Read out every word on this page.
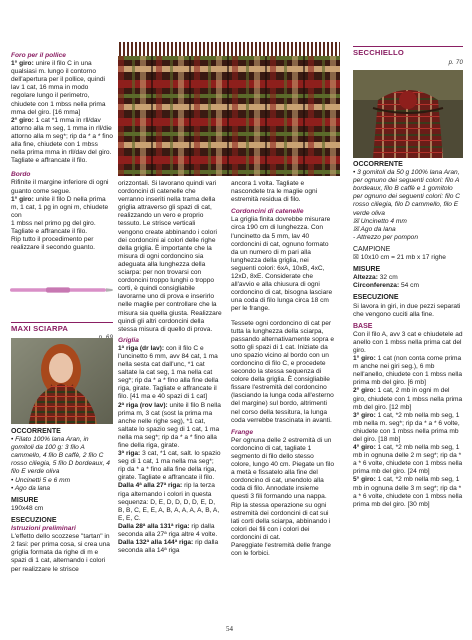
Foro per il pollice

1° giro: unire il filo C in una qualsiasi m. lungo il contorno dell'apertura per il pollice, quindi lav 1 cat, 16 mma in modo regolare lungo il perimetro, chiudete con 1 mbss nella prima mma del giro. [16 mma]

2° giro: 1 cat *1 mma in rll/dav attorno alla m seg, 1 mma in rll/die attorno alla m seg*; rip da * a * fino alla fine, chiudete con 1 mbss nella prima mma in rll/dav del giro. Tagliate e affrancate il filo.

Bordo

Rifinite il margine inferiore di ogni guanto come segue.

1° giro: unite il filo D nella prima m, 1 cat, 1 pg in ogni m, chiudete con

1 mbss nel primo pg del giro. Tagliate e affrancate il filo.

Rip tutto il procedimento per realizzare il secondo guanto.

MAXI SCIARPA

OCCORRENTE

• Filato 100% lana Aran, in gomitoli da 100 g: 3 filo A cammello, 4 filo B caffè, 2 filo C rosso ciliegia, 5 filo D bordeaux, 4 filo E verde oliva

• Uncinetti 5 e 6 mm

• Ago da lana

MISURE

190x48 cm

ESECUZIONE

Istruzioni preliminari

L'effetto dello scozzese "tartan" in 2 fasi: per prima cosa, si crea una griglia formata da righe di m e spazi di 1 cat, alternando i colori per realizzare le strisce

orizzontali. Si lavorano quindi vari cordoncini di catenelle che verranno inseriti nella trama della griglia attraverso gli spazi di cat, realizzando un vero e proprio tessuto. Le strisce verticali vengono create abbinando i colori dei cordoncini ai colori delle righe della griglia. È importante che la misura di ogni cordoncino sia adeguata alla lunghezza della sciarpa: per non trovarsi con cordoncini troppo lunghi o troppo corti, è quindi consigliabile lavorarne uno di prova e inserirlo nelle maglie per controllare che la misura sia quella giusta. Realizzare quindi gli altri cordoncini della stessa misura di quello di prova.

Griglia

1ª riga (dr lav): con il filo C e l'uncinetto 6 mm, avv 84 cat, 1 ma nella sesta cat dall'unc, *1 cat saltate la cat seg, 1 ma nella cat seg*; rip da * a * fino alla fine della riga, girate. Tagliate e affrancate il filo. [41 ma e 40 spazi di 1 cat]

2ª riga (rov lav): unite il filo B nella prima m, 3 cat (sost la prima ma anche nelle righe seg), *1 cat, saltate lo spazio seg di 1 cat, 1 ma nella ma seg*; rip da * a * fino alla fine della riga, girate.

3ª riga: 3 cat, *1 cat, salt. lo spazio seg di 1 cat, 1 ma nella ma seg*; rip da * a * fino alla fine della riga, girate. Tagliate e affrancate il filo.

Dalla 4ª alla 27ª riga: rip la terza riga alternando i colori in questa sequenza: D, E, D, D, D, D, E, D, B, B, C, E, E, A, B, A, A, A, A, B, A, E, E, C.

Dalla 28ª alla 131ª riga: rip dalla seconda alla 27ª riga altre 4 volte.

Dalla 132ª alla 144ª riga: rip dalla seconda alla 14ª riga

ancora 1 volta. Tagliate e nascondete tra le maglie ogni estremità residua di filo.

Cordoncini di catenelle

La griglia finita dovrebbe misurare circa 190 cm di lunghezza. Con l'uncinetto da 5 mm, lav 40 cordoncini di cat, ognuno formato da un numero di m pari alla lunghezza della griglia, nei seguenti colori: 6xA, 10xB, 4xC, 12xD, 8xE. Considerate che all'avvio e alla chiusura di ogni cordoncino di cat, bisogna lasciare una coda di filo lunga circa 18 cm per le frange.

Tessete ogni cordoncino di cat per tutta la lunghezza della sciarpa, passando alternativamente sopra e sotto gli spazi di 1 cat. Iniziate da uno spazio vicino al bordo con un cordoncino di filo C, e procedete secondo la stessa sequenza di colore della griglia. È consigliabile fissare l'estremità del cordoncino (lasciando la lunga coda all'esterno del margine) sul bordo, altrimenti nel corso della tessitura, la lunga coda verrebbe trascinata in avanti.

Frange

Per ognuna delle 2 estremità di un cordoncino di cat, tagliate 1 segmento di filo dello stesso colore, lungo 40 cm. Piegate un filo a metà e fissatelo alla fine del cordoncino di cat, unendolo alla coda di filo. Annodate insieme questi 3 fili formando una nappa. Rip la stessa operazione su ogni estremità dei cordoncini di cat sui lati corti della sciarpa, abbinando i colori dei fili con i colori dei cordoncini di cat.

Pareggiate l'estremità delle frange con le forbici.

SECCHIELLO
p. 70

OCCORRENTE

• 3 gomitoli da 50 g 100% lana Aran, per ognuno dei seguenti colori: filo A bordeaux, filo B caffè e 1 gomitolo per ognuno dei seguenti colori: filo C rosso ciliegia, filo D cammello, filo E verde oliva

☒ Uncinetto 4 mm

☒ Ago da lana

- Attrezzo per pompon

CAMPIONE

☒ 10x10 cm = 21 mb x 17 righe

MISURE

Altezza: 32 cm

Circonferenza: 54 cm

ESECUZIONE

Si lavora in giri, in due pezzi separati che vengono cuciti alla fine.

BASE

Con il filo A, avv 3 cat e chiudetele ad anello con 1 mbss nella prima cat del giro.

1° giro: 1 cat (non conta come prima m anche nei giri seg.), 6 mb nell'anello, chiudete con 1 mbss nella prima mb del giro. [6 mb]

2° giro: 1 cat, 2 mb in ogni m del giro, chiudete con 1 mbss nella prima mb del giro. [12 mb]

3° giro: 1 cat, *2 mb nella mb seg, 1 mb nella m. seg*; rip da * a * 6 volte, chiudete con 1 mbss nella prima mb del giro. [18 mb]

4° giro: 1 cat, *2 mb nella mb seg, 1 mb in ognuna delle 2 m seg*; rip da * a * 6 volte, chiudete con 1 mbss nella prima mb del giro. [24 mb]

5° giro: 1 cat, *2 mb nella mb seg, 1 mb in ognuna delle 3 m seg*; rip da * a * 6 volte, chiudete con 1 mbss nella prima mb del giro. [30 mb]

54
